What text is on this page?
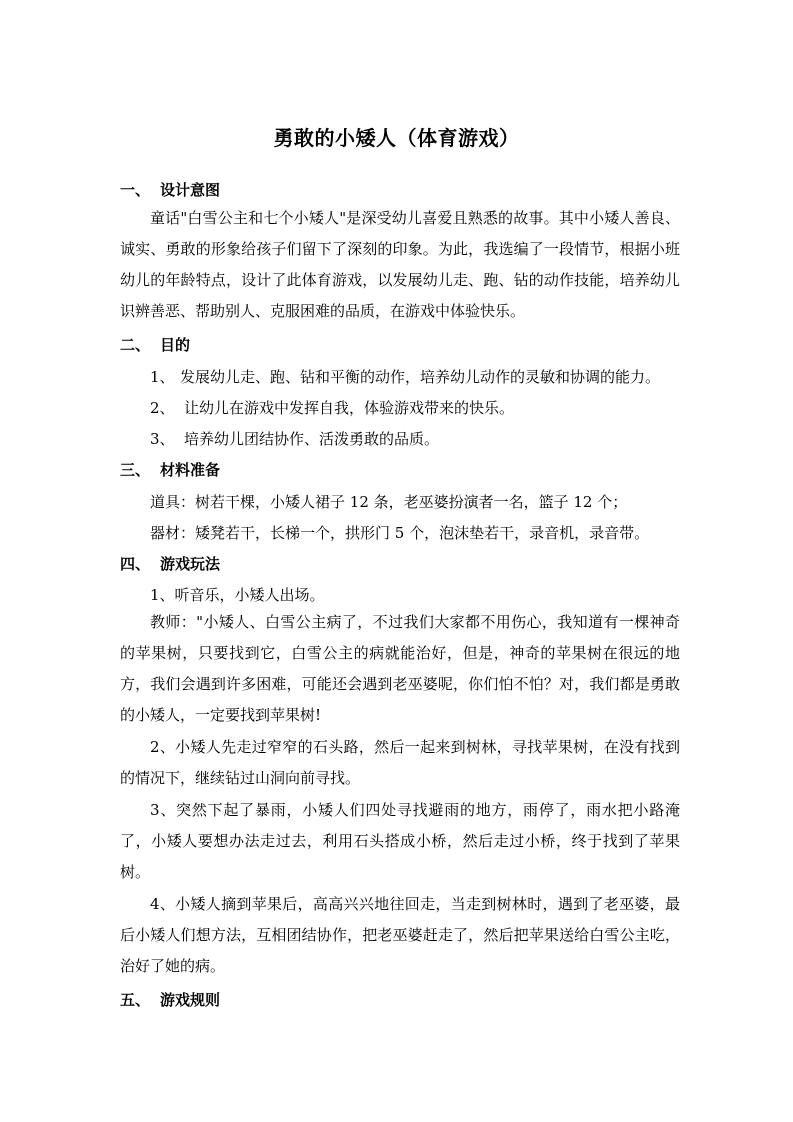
勇敢的小矮人（体育游戏）
一、 设计意图
童话"白雪公主和七个小矮人"是深受幼儿喜爱且熟悉的故事。其中小矮人善良、诚实、勇敢的形象给孩子们留下了深刻的印象。为此，我选编了一段情节，根据小班幼儿的年龄特点，设计了此体育游戏，以发展幼儿走、跑、钻的动作技能，培养幼儿识辨善恶、帮助别人、克服困难的品质，在游戏中体验快乐。
二、 目的
1、 发展幼儿走、跑、钻和平衡的动作，培养幼儿动作的灵敏和协调的能力。
2、 让幼儿在游戏中发挥自我，体验游戏带来的快乐。
3、 培养幼儿团结协作、活泼勇敢的品质。
三、 材料准备
道具：树若干棵，小矮人裙子 12 条，老巫婆扮演者一名，篮子 12 个；
器材：矮凳若干，长梯一个，拱形门 5 个，泡沫垫若干，录音机，录音带。
四、 游戏玩法
1、听音乐，小矮人出场。
教师："小矮人、白雪公主病了，不过我们大家都不用伤心，我知道有一棵神奇的苹果树，只要找到它，白雪公主的病就能治好，但是，神奇的苹果树在很远的地方，我们会遇到许多困难，可能还会遇到老巫婆呢，你们怕不怕？对，我们都是勇敢的小矮人，一定要找到苹果树!
2、小矮人先走过窄窄的石头路，然后一起来到树林，寻找苹果树，在没有找到的情况下，继续钻过山洞向前寻找。
3、突然下起了暴雨，小矮人们四处寻找避雨的地方，雨停了，雨水把小路淹了，小矮人要想办法走过去，利用石头搭成小桥，然后走过小桥，终于找到了苹果树。
4、小矮人摘到苹果后，高高兴兴地往回走，当走到树林时，遇到了老巫婆，最后小矮人们想方法，互相团结协作，把老巫婆赶走了，然后把苹果送给白雪公主吃，治好了她的病。
五、 游戏规则
